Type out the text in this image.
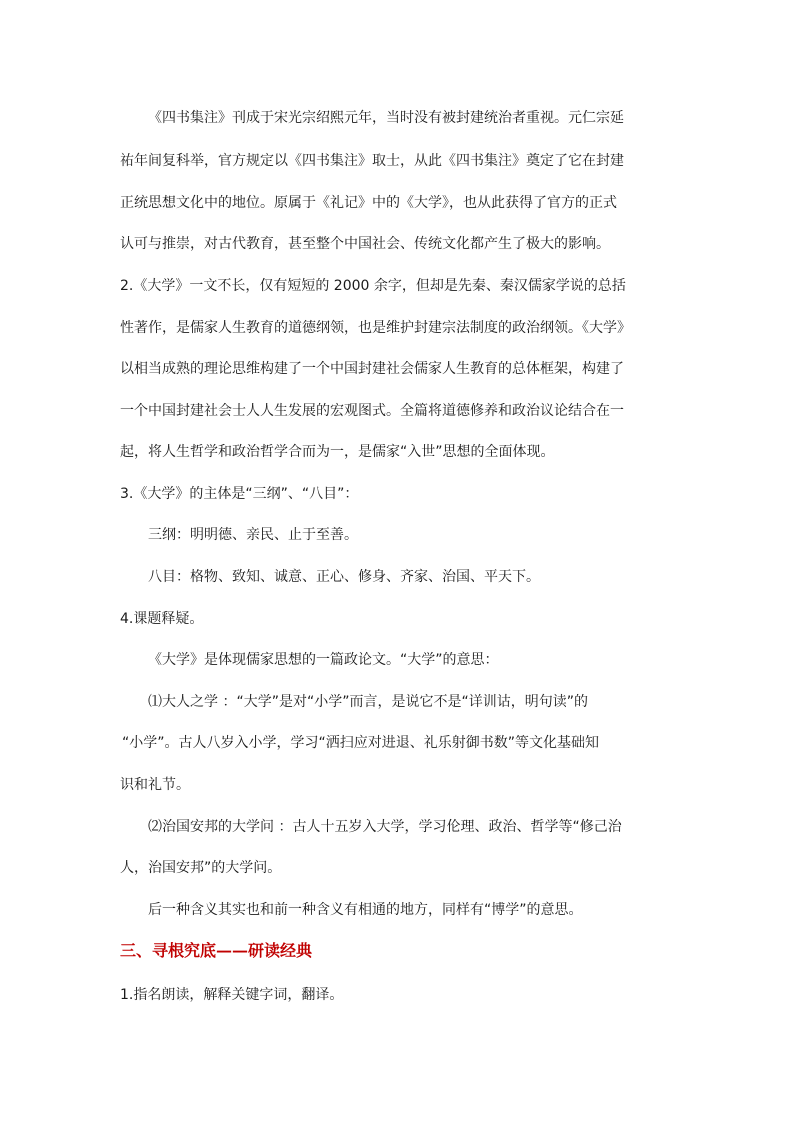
《四书集注》刊成于宋光宗绍熙元年，当时没有被封建统治者重视。元仁宗延
祐年间复科举，官方规定以《四书集注》取士，从此《四书集注》奠定了它在封建
正统思想文化中的地位。原属于《礼记》中的《大学》，也从此获得了官方的正式
认可与推崇，对古代教育，甚至整个中国社会、传统文化都产生了极大的影响。
2.《大学》一文不长，仅有短短的 2000 余字，但却是先秦、秦汉儒家学说的总括
性著作，是儒家人生教育的道德纲领，也是维护封建宗法制度的政治纲领。《大学》
以相当成熟的理论思维构建了一个中国封建社会儒家人生教育的总体框架，构建了
一个中国封建社会士人人生发展的宏观图式。全篇将道德修养和政治议论结合在一
起，将人生哲学和政治哲学合而为一，是儒家“入世”思想的全面体现。
3.《大学》的主体是“三纲”、“八目”：
三纲：明明德、亲民、止于至善。
八目：格物、致知、诚意、正心、修身、齐家、治国、平天下。
4.课题释疑。
《大学》是体现儒家思想的一篇政论文。“大学”的意思：
⑴大人之学 ：“大学”是对“小学”而言，是说它不是“详训诂，明句读”的
“小学”。古人八岁入小学，学习“洒扫应对进退、礼乐射御书数”等文化基础知
识和礼节。
⑵治国安邦的大学问 ：古人十五岁入大学，学习伦理、政治、哲学等“修己治
人，治国安邦”的大学问。
后一种含义其实也和前一种含义有相通的地方，同样有“博学”的意思。
三、寻根究底——研读经典
1.指名朗读，解释关键字词，翻译。
